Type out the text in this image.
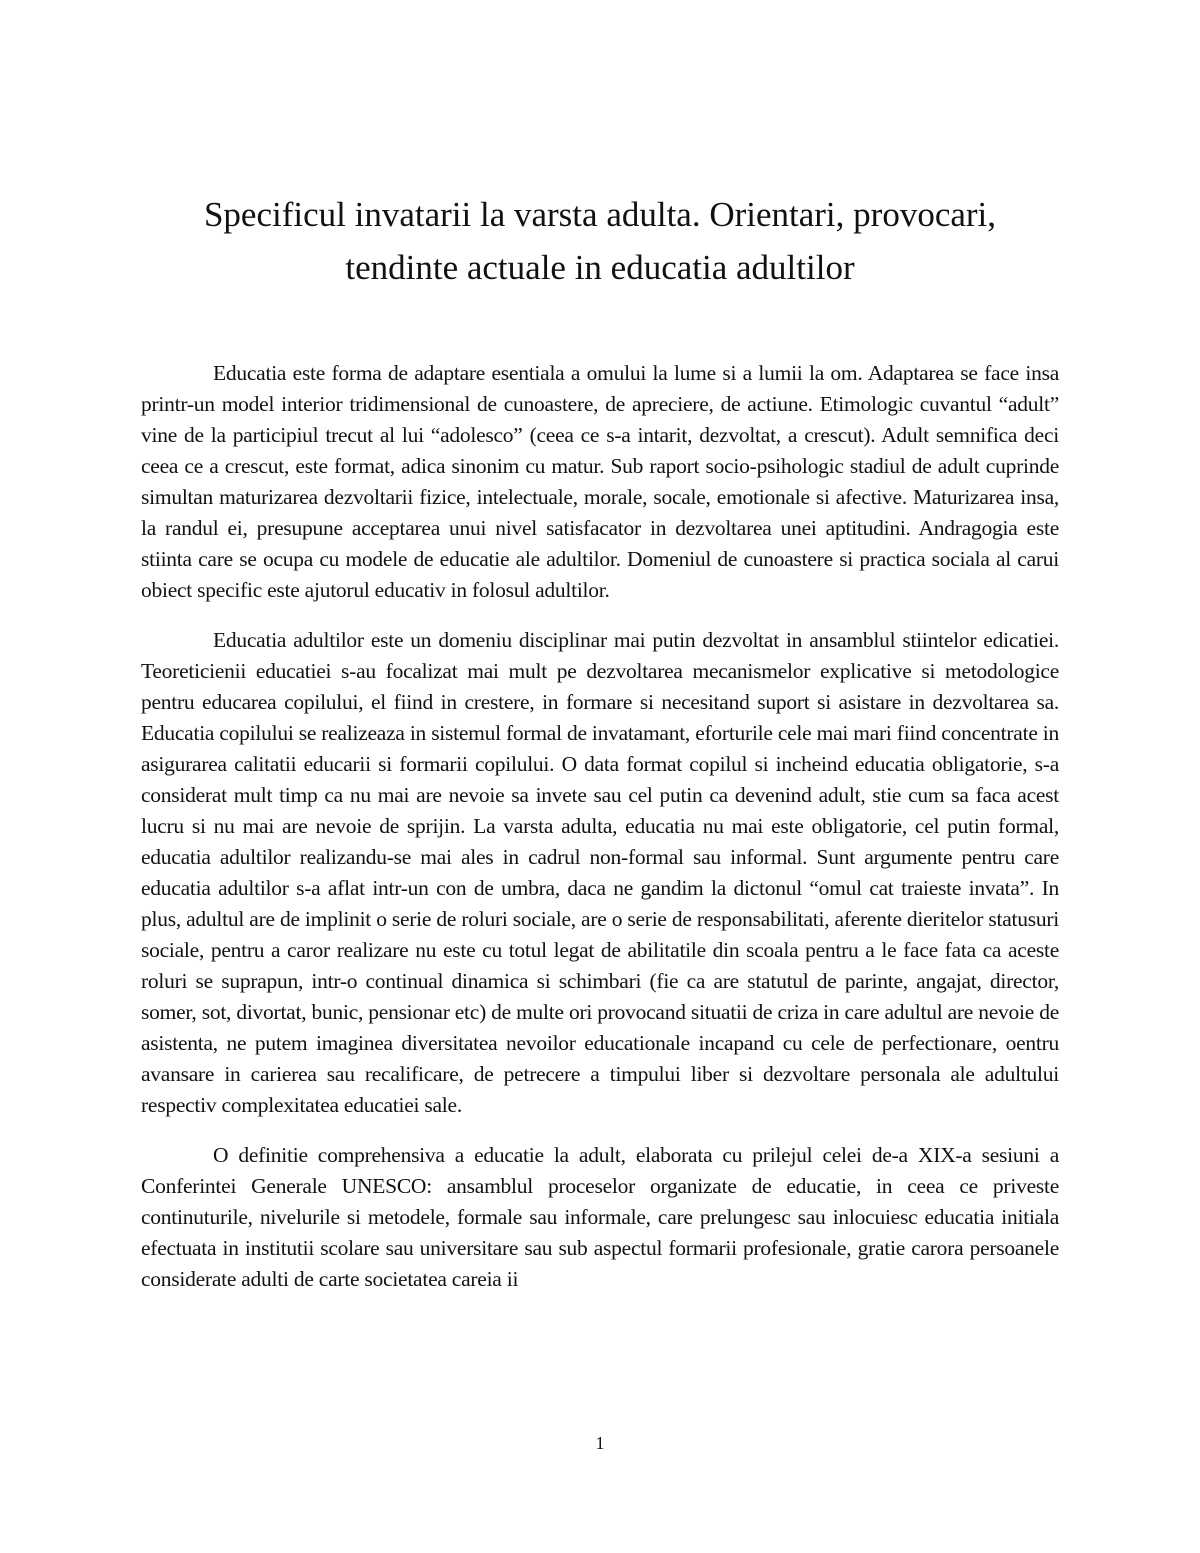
Specificul invatarii la varsta adulta. Orientari, provocari,
tendinte actuale in educatia adultilor

Educatia este forma de adaptare esentiala a omului la lume si a lumii la om. Adaptarea se face insa printr-un model interior tridimensional de cunoastere, de apreciere, de actiune. Etimologic cuvantul “adult” vine de la participiul trecut al lui “adolesco” (ceea ce s-a intarit, dezvoltat, a crescut). Adult semnifica deci ceea ce a crescut, este format, adica sinonim cu matur. Sub raport socio-psihologic stadiul de adult cuprinde simultan maturizarea dezvoltarii fizice, intelectuale, morale, socale, emotionale si afective. Maturizarea insa, la randul ei, presupune acceptarea unui nivel satisfacator in dezvoltarea unei aptitudini. Andragogia este stiinta care se ocupa cu modele de educatie ale adultilor. Domeniul de cunoastere si practica sociala al carui obiect specific este ajutorul educativ in folosul adultilor.

Educatia adultilor este un domeniu disciplinar mai putin dezvoltat in ansamblul stiintelor edicatiei. Teoreticienii educatiei s-au focalizat mai mult pe dezvoltarea mecanismelor explicative si metodologice pentru educarea copilului, el fiind in crestere, in formare si necesitand suport si asistare in dezvoltarea sa. Educatia copilului se realizeaza in sistemul formal de invatamant, eforturile cele mai mari fiind concentrate in asigurarea calitatii educarii si formarii copilului. O data format copilul si incheind educatia obligatorie, s-a considerat mult timp ca nu mai are nevoie sa invete sau cel putin ca devenind adult, stie cum sa faca acest lucru si nu mai are nevoie de sprijin. La varsta adulta, educatia nu mai este obligatorie, cel putin formal, educatia adultilor realizandu-se mai ales in cadrul non-formal sau informal. Sunt argumente pentru care educatia adultilor s-a aflat intr-un con de umbra, daca ne gandim la dictonul “omul cat traieste invata”. In plus, adultul are de implinit o serie de roluri sociale, are o serie de responsabilitati, aferente dieritelor statusuri sociale, pentru a caror realizare nu este cu totul legat de abilitatile din scoala pentru a le face fata ca aceste roluri se suprapun, intr-o continual dinamica si schimbari (fie ca are statutul de parinte, angajat, director, somer, sot, divortat, bunic, pensionar etc) de multe ori provocand situatii de criza in care adultul are nevoie de asistenta, ne putem imaginea diversitatea nevoilor educationale incapand cu cele de perfectionare, oentru avansare in carierea sau recalificare, de petrecere a timpului liber si dezvoltare personala ale adultului respectiv complexitatea educatiei sale.

O definitie comprehensiva a educatie la adult, elaborata cu prilejul celei de-a XIX-a sesiuni a Conferintei Generale UNESCO: ansamblul proceselor organizate de educatie, in ceea ce priveste continuturile, nivelurile si metodele, formale sau informale, care prelungesc sau inlocuiesc educatia initiala efectuata in institutii scolare sau universitare sau sub aspectul formarii profesionale, gratie carora persoanele considerate adulti de carte societatea careia ii

1
